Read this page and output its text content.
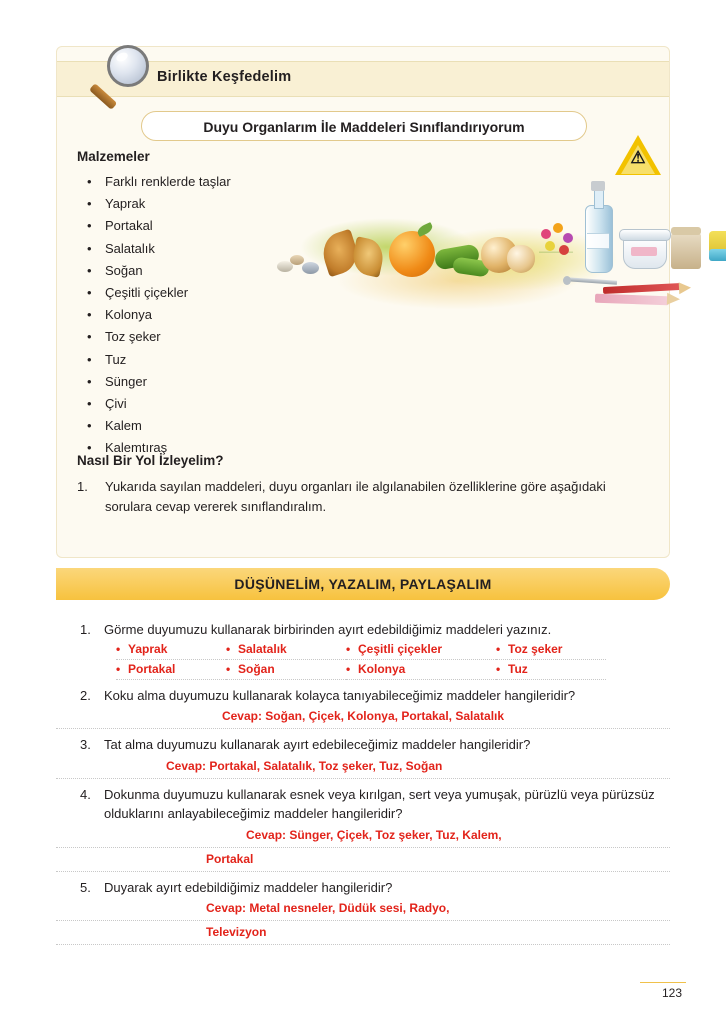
Birlikte Keşfedelim
Duyu Organlarım İle Maddeleri Sınıflandırıyorum
Malzemeler
• Farklı renklerde taşlar
• Yaprak
• Portakal
• Salatalık
• Soğan
• Çeşitli çiçekler
• Kolonya
• Toz şeker
• Tuz
• Sünger
• Çivi
• Kalem
• Kalemtıraş
⚠
Nasıl Bir Yol İzleyelim?
1.	Yukarıda sayılan maddeleri, duyu organları ile algılanabilen özelliklerine göre aşağıdaki sorulara cevap vererek sınıflandıralım.
DÜŞÜNELİM, YAZALIM, PAYLAŞALIM
1. Görme duyumuzu kullanarak birbirinden ayırt edebildiğimiz maddeleri yazınız.
• Yaprak	• Salatalık	• Çeşitli çiçekler	• Toz şeker
• Portakal	• Soğan	• Kolonya	• Tuz
2. Koku alma duyumuzu kullanarak kolayca tanıyabileceğimiz maddeler hangileridir?
Cevap: Soğan, Çiçek, Kolonya, Portakal, Salatalık
3. Tat alma duyumuzu kullanarak ayırt edebileceğimiz maddeler hangileridir?
Cevap: Portakal, Salatalık, Toz şeker, Tuz, Soğan
4. Dokunma duyumuzu kullanarak esnek veya kırılgan, sert veya yumuşak, pürüzlü veya pürüzsüz olduklarını anlayabileceğimiz maddeler hangileridir?
Cevap: Sünger, Çiçek, Toz şeker, Tuz, Kalem,
Portakal
5. Duyarak ayırt edebildiğimiz maddeler hangileridir?
Cevap: Metal nesneler, Düdük sesi, Radyo,
Televizyon
123
